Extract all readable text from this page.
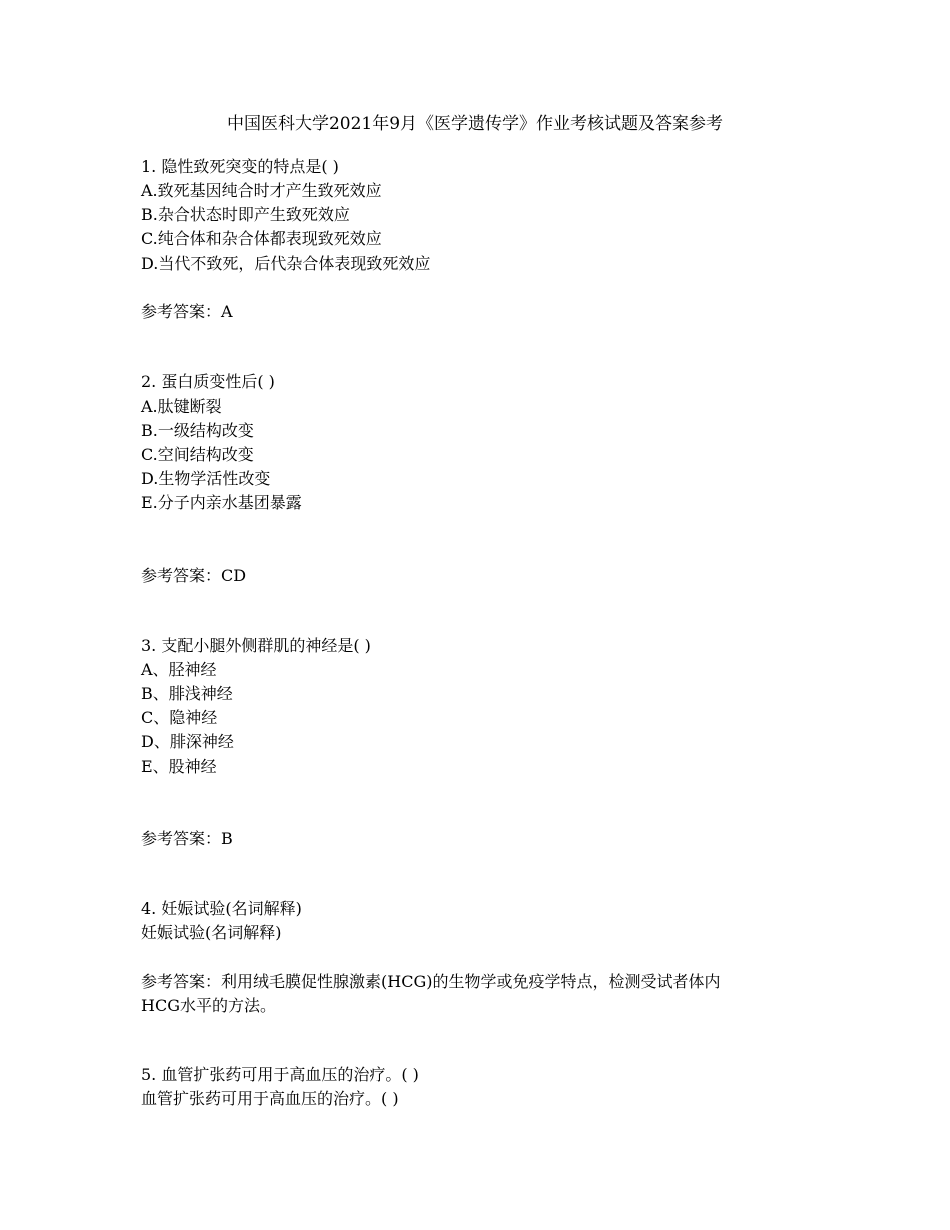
中国医科大学2021年9月《医学遗传学》作业考核试题及答案参考
1. 隐性致死突变的特点是( )
A.致死基因纯合时才产生致死效应
B.杂合状态时即产生致死效应
C.纯合体和杂合体都表现致死效应
D.当代不致死，后代杂合体表现致死效应
参考答案：A
2. 蛋白质变性后( )
A.肽键断裂
B.一级结构改变
C.空间结构改变
D.生物学活性改变
E.分子内亲水基团暴露
参考答案：CD
3. 支配小腿外侧群肌的神经是( )
A、胫神经
B、腓浅神经
C、隐神经
D、腓深神经
E、股神经
参考答案：B
4. 妊娠试验(名词解释)
妊娠试验(名词解释)
参考答案：利用绒毛膜促性腺激素(HCG)的生物学或免疫学特点，检测受试者体内
HCG水平的方法。
5. 血管扩张药可用于高血压的治疗。( )
血管扩张药可用于高血压的治疗。( )
